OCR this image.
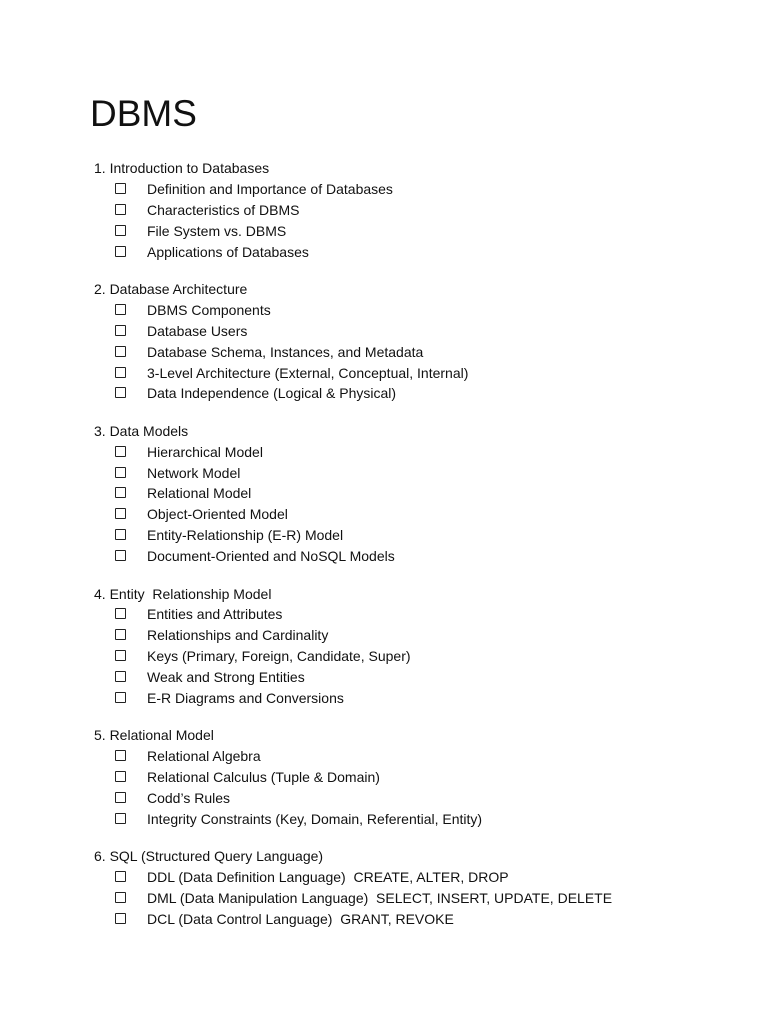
DBMS
1. Introduction to Databases
Definition and Importance of Databases
Characteristics of DBMS
File System vs. DBMS
Applications of Databases
2. Database Architecture
DBMS Components
Database Users
Database Schema, Instances, and Metadata
3-Level Architecture (External, Conceptual, Internal)
Data Independence (Logical & Physical)
3. Data Models
Hierarchical Model
Network Model
Relational Model
Object-Oriented Model
Entity-Relationship (E-R) Model
Document-Oriented and NoSQL Models
4. Entity  Relationship Model
Entities and Attributes
Relationships and Cardinality
Keys (Primary, Foreign, Candidate, Super)
Weak and Strong Entities
E-R Diagrams and Conversions
5. Relational Model
Relational Algebra
Relational Calculus (Tuple & Domain)
Codd’s Rules
Integrity Constraints (Key, Domain, Referential, Entity)
6. SQL (Structured Query Language)
DDL (Data Definition Language)  CREATE, ALTER, DROP
DML (Data Manipulation Language)  SELECT, INSERT, UPDATE, DELETE
DCL (Data Control Language)  GRANT, REVOKE
